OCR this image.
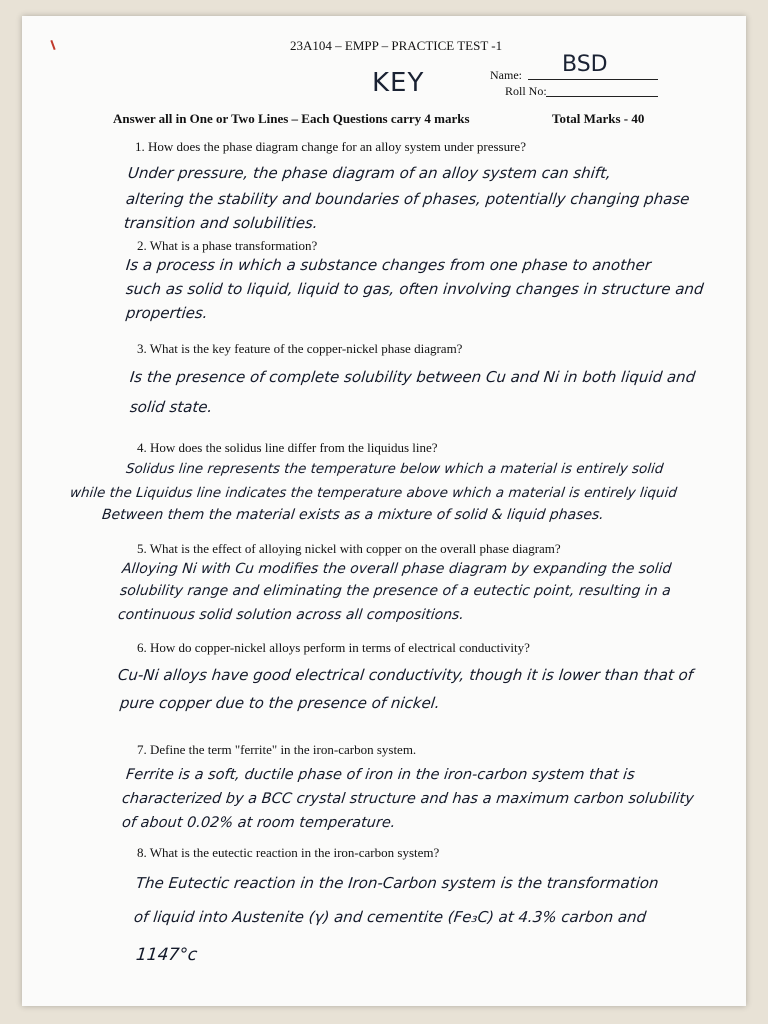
23A104 – EMPP – PRACTICE TEST -1
KEY	Name: BSD
Roll No:
Answer all in One or Two Lines – Each Questions carry 4 marks	Total Marks - 40
1. How does the phase diagram change for an alloy system under pressure?
Under pressure, the phase diagram of an alloy system can shift,
altering the stability and boundaries of phases, potentially changing phase
transition and solubilities.
2. What is a phase transformation?
Is a process in which a substance changes from one phase to another
such as solid to liquid, liquid to gas, often involving changes in structure and
properties.
3. What is the key feature of the copper-nickel phase diagram?
Is the presence of complete solubility between Cu and Ni in both liquid and
solid state.
4. How does the solidus line differ from the liquidus line?
Solidus line represents the temperature below which a material is entirely solid
while the Liquidus line indicates the temperature above which a material is entirely liquid
Between them the material exists as a mixture of solid & liquid phases.
5. What is the effect of alloying nickel with copper on the overall phase diagram?
Alloying Ni with Cu modifies the overall phase diagram by expanding the solid
solubility range and eliminating the presence of a eutectic point, resulting in a
continuous solid solution across all compositions.
6. How do copper-nickel alloys perform in terms of electrical conductivity?
Cu-Ni alloys have good electrical conductivity, though it is lower than that of
pure copper due to the presence of nickel.
7. Define the term "ferrite" in the iron-carbon system.
Ferrite is a soft, ductile phase of iron in the iron-carbon system that is
characterized by a BCC crystal structure and has a maximum carbon solubility
of about 0.02% at room temperature.
8. What is the eutectic reaction in the iron-carbon system?
The Eutectic reaction in the Iron-Carbon system is the transformation
of liquid into Austenite (γ) and cementite (Fe₃C) at 4.3% carbon and
1147°c
